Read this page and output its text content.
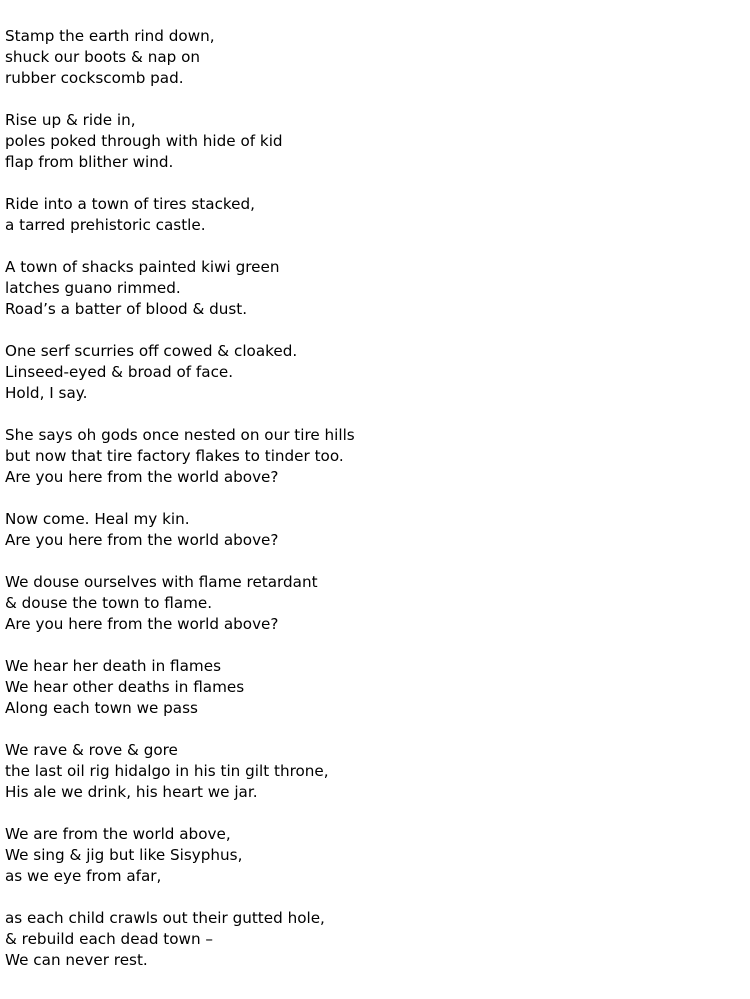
Stamp the earth rind down,
shuck our boots & nap on
rubber cockscomb pad.
Rise up & ride in,
poles poked through with hide of kid
flap from blither wind.
Ride into a town of tires stacked,
a tarred prehistoric castle.
A town of shacks painted kiwi green
latches guano rimmed.
Road’s a batter of blood & dust.
One serf scurries off cowed & cloaked.
Linseed-eyed & broad of face.
Hold, I say.
She says oh gods once nested on our tire hills
but now that tire factory flakes to tinder too.
Are you here from the world above?
Now come. Heal my kin.
Are you here from the world above?
We douse ourselves with flame retardant
& douse the town to flame.
Are you here from the world above?
We hear her death in flames
We hear other deaths in flames
Along each town we pass
We rave & rove & gore
the last oil rig hidalgo in his tin gilt throne,
His ale we drink, his heart we jar.
We are from the world above,
We sing & jig but like Sisyphus,
as we eye from afar,
as each child crawls out their gutted hole,
& rebuild each dead town –
We can never rest.
